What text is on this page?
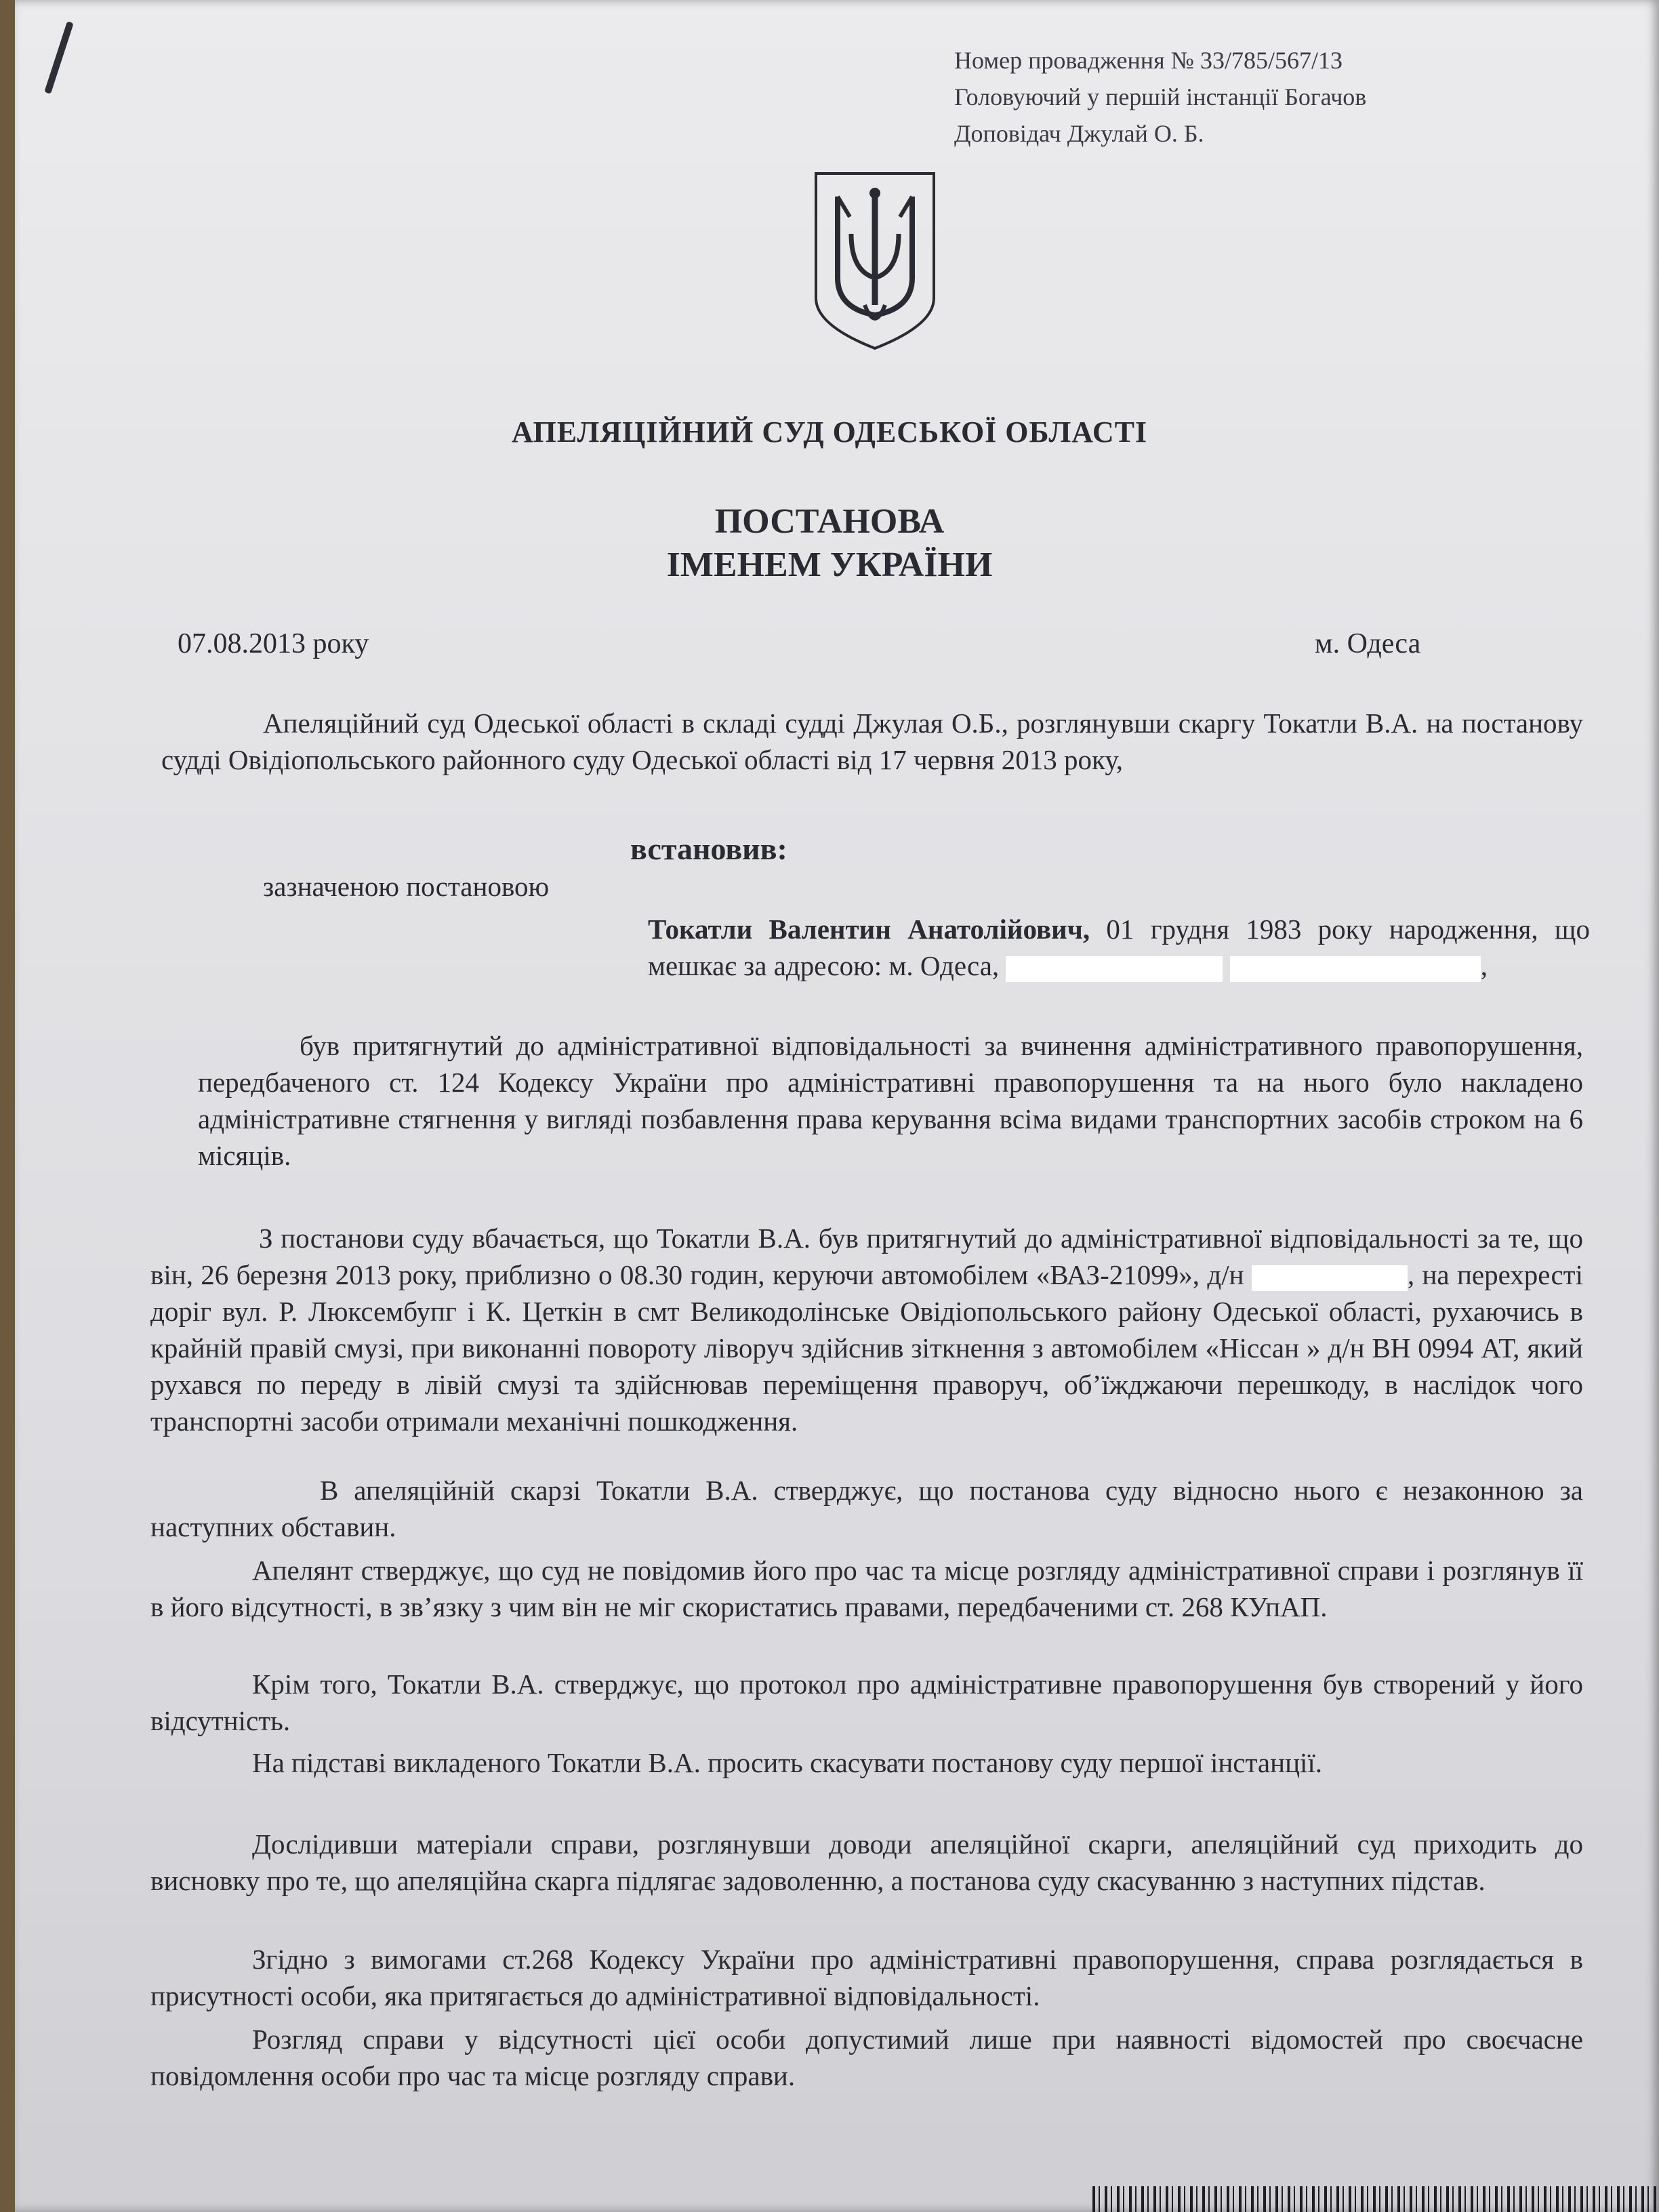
Номер провадження № 33/785/567/13
Головуючий у першій інстанції Богачов
Доповідач Джулай О. Б.
АПЕЛЯЦІЙНИЙ СУД ОДЕСЬКОЇ ОБЛАСТІ
ПОСТАНОВА
ІМЕНЕМ УКРАЇНИ
07.08.2013 року	м. Одеса
Апеляційний суд Одеської області в складі судді Джулая О.Б., розглянувши скаргу Токатли В.А. на постанову судді Овідіопольського районного суду Одеської області від 17 червня 2013 року,
встановив:
зазначеною постановою
Токатли Валентин Анатолійович, 01 грудня 1983 року народження, що мешкає за адресою: м. Одеса,	,
був притягнутий до адміністративної відповідальності за вчинення адміністративного правопорушення, передбаченого ст. 124 Кодексу України про адміністративні правопорушення та на нього було накладено адміністративне стягнення у вигляді позбавлення права керування всіма видами транспортних засобів строком на 6 місяців.
З постанови суду вбачається, що Токатли В.А. був притягнутий до адміністративної відповідальності за те, що він, 26 березня 2013 року, приблизно о 08.30 годин, керуючи автомобілем «ВАЗ-21099», д/н	, на перехресті доріг вул. Р. Люксембупг і К. Цеткін в смт Великодолінське Овідіопольського району Одеської області, рухаючись в крайній правій смузі, при виконанні повороту ліворуч здійснив зіткнення з автомобілем «Ніссан » д/н ВН 0994 АТ, який рухався по переду в лівій смузі та здійснював переміщення праворуч, об’їжджаючи перешкоду, в наслідок чого транспортні засоби отримали механічні пошкодження.
В апеляційній скарзі Токатли В.А. стверджує, що постанова суду відносно нього є незаконною за наступних обставин.
Апелянт стверджує, що суд не повідомив його про час та місце розгляду адміністративної справи і розглянув її в його відсутності, в зв’язку з чим він не міг скористатись правами, передбаченими ст. 268 КУпАП.
Крім того, Токатли В.А. стверджує, що протокол про адміністративне правопорушення був створений у його відсутність.
На підставі викладеного Токатли В.А. просить скасувати постанову суду першої інстанції.
Дослідивши матеріали справи, розглянувши доводи апеляційної скарги, апеляційний суд приходить до висновку про те, що апеляційна скарга підлягає задоволенню, а постанова суду скасуванню з наступних підстав.
Згідно з вимогами ст.268 Кодексу України про адміністративні правопорушення, справа розглядається в присутності особи, яка притягається до адміністративної відповідальності.
Розгляд справи у відсутності цієї особи допустимий лише при наявності відомостей про своєчасне повідомлення особи про час та місце розгляду справи.
